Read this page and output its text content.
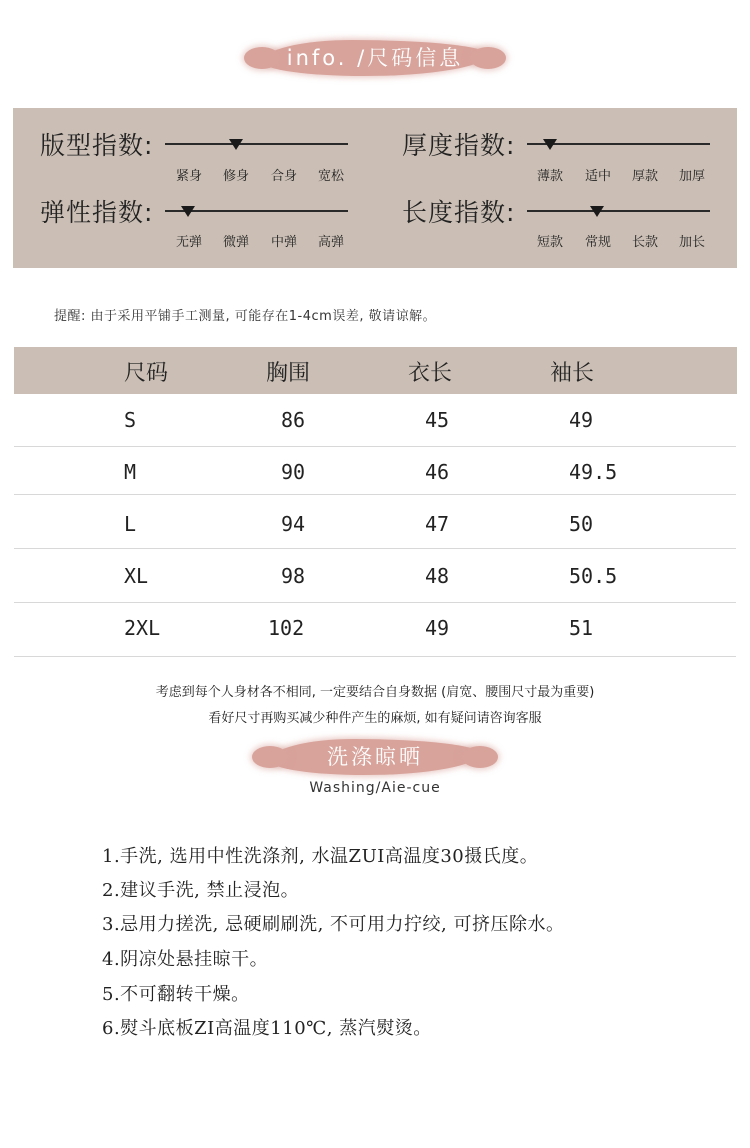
info. /尺码信息
版型指数:
紧身	修身	合身	宽松
厚度指数:
薄款	适中	厚款	加厚
弹性指数:
无弹	微弹	中弹	高弹
长度指数:
短款	常规	长款	加长
提醒: 由于采用平铺手工测量, 可能存在1-4cm误差, 敬请谅解。
尺码	胸围	衣长	袖长
S	86	45	49
M	90	46	49.5
L	94	47	50
XL	98	48	50.5
2XL	102	49	51
考虑到每个人身材各不相同, 一定要结合自身数据 (肩宽、腰围尺寸最为重要)
看好尺寸再购买减少种件产生的麻烦, 如有疑问请咨询客服
洗涤晾晒
Washing/Aie-cue
1.手洗, 选用中性洗涤剂, 水温ZUI高温度30摄氏度。
2.建议手洗, 禁止浸泡。
3.忌用力搓洗, 忌硬刷刷洗, 不可用力拧绞, 可挤压除水。
4.阴凉处悬挂晾干。
5.不可翻转干燥。
6.熨斗底板ZI高温度110℃, 蒸汽熨烫。
